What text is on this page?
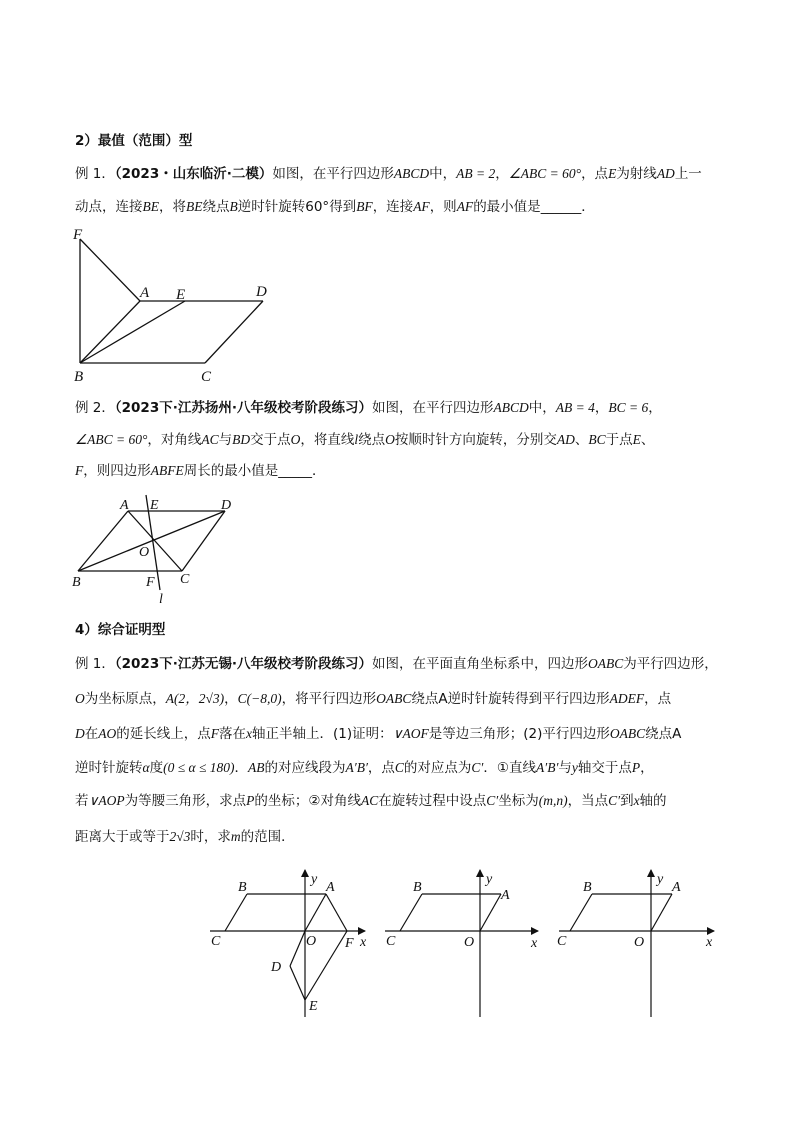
2）最值（范围）型
例 1．（2023・山东临沂·二模）如图，在平行四边形ABCD中，AB = 2，∠ABC = 60°，点E为射线AD上一
动点，连接BE，将BE绕点B逆时针旋转60°得到BF，连接AF，则AF的最小值是______．
F
A E	D
B	C
例 2．（2023下·江苏扬州·八年级校考阶段练习）如图，在平行四边形ABCD中，AB = 4，BC = 6，
∠ABC = 60°，对角线AC与BD交于点O，将直线l绕点O按顺时针方向旋转，分别交AD、BC于点E、
F，则四边形ABFE周长的最小值是_____．
A E	D
O
B	F C
l
4）综合证明型
例 1．（2023下·江苏无锡·八年级校考阶段练习）如图，在平面直角坐标系中，四边形OABC为平行四边形，
O为坐标原点，A(2，2√3)，C(−8,0)，将平行四边形OABC绕点A逆时针旋转得到平行四边形ADEF，点
D在AO的延长线上，点F落在x轴正半轴上．(1)证明：∨AOF是等边三角形；(2)平行四边形OABC绕点A
逆时针旋转α度(0 ≤ α ≤ 180)．AB的对应线段为A′B′，点C的对应点为C′．①直线A′B′与y轴交于点P，
若∨AOP为等腰三角形，求点P的坐标；②对角线AC在旋转过程中设点C′坐标为(m,n)，当点C′到x轴的
距离大于或等于2√3时，求m的范围．
B
y
A
C	O F x
D
E
B
y
A
C	O	x
B
y
A
C	O	x
